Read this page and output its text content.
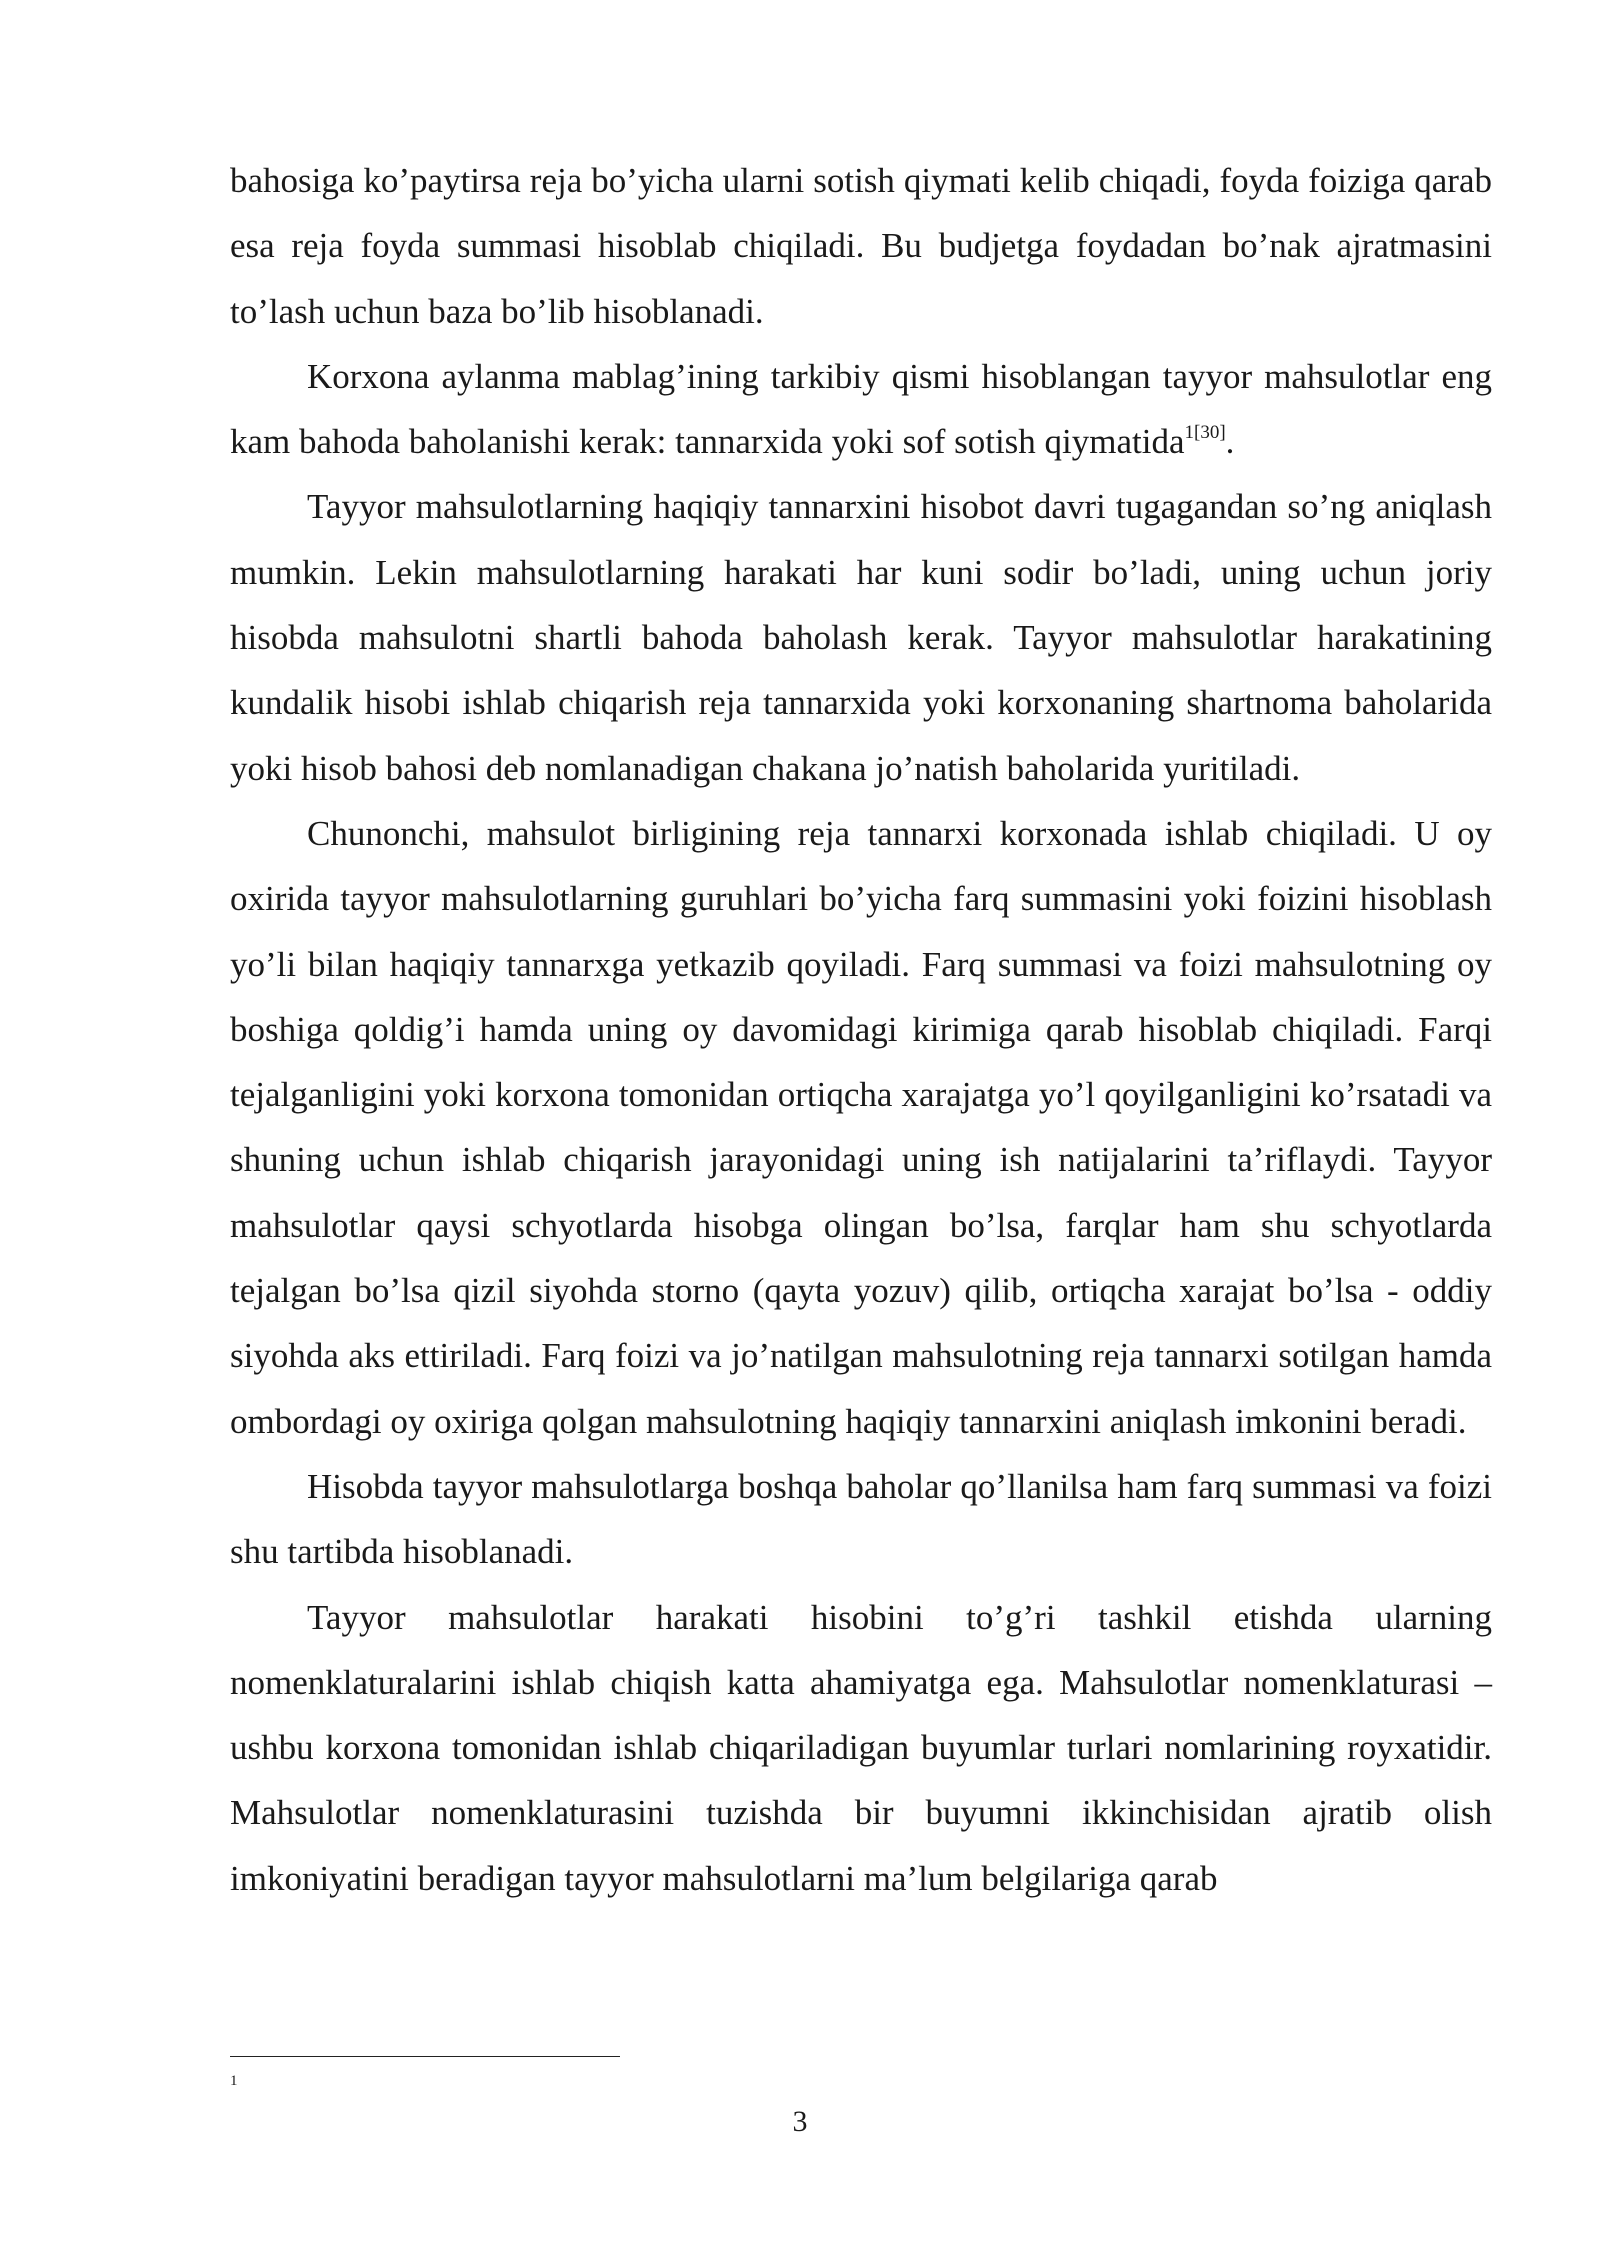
bahosiga ko’paytirsa reja bo’yicha ularni sotish qiymati kelib chiqadi, foyda foiziga qarab esa reja foyda summasi hisoblab chiqiladi. Bu budjetga foydadan bo’nak ajratmasini to’lash uchun baza bo’lib hisoblanadi.

Korxona aylanma mablag’ining tarkibiy qismi hisoblangan tayyor mahsulotlar eng kam bahoda baholanishi kerak: tannarxida yoki sof sotish qiymatida$^{1[30]}$.

Tayyor mahsulotlarning haqiqiy tannarxini hisobot davri tugagandan so’ng aniqlash mumkin. Lekin mahsulotlarning harakati har kuni sodir bo’ladi, uning uchun joriy hisobda mahsulotni shartli bahoda baholash kerak. Tayyor mahsulotlar harakatining kundalik hisobi ishlab chiqarish reja tannarxida yoki korxonaning shartnoma baholarida yoki hisob bahosi deb nomlanadigan chakana jo’natish baholarida yuritiladi.

Chunonchi, mahsulot birligining reja tannarxi korxonada ishlab chiqiladi. U oy oxirida tayyor mahsulotlarning guruhlari bo’yicha farq summasini yoki foizini hisoblash yo’li bilan haqiqiy tannarxga yetkazib qoyiladi. Farq summasi va foizi mahsulotning oy boshiga qoldig’i hamda uning oy davomidagi kirimiga qarab hisoblab chiqiladi. Farqi tejalganligini yoki korxona tomonidan ortiqcha xarajatga yo’l qoyilganligini ko’rsatadi va shuning uchun ishlab chiqarish jarayonidagi uning ish natijalarini ta’riflaydi. Tayyor mahsulotlar qaysi schyotlarda hisobga olingan bo’lsa, farqlar ham shu schyotlarda tejalgan bo’lsa qizil siyohda storno (qayta yozuv) qilib, ortiqcha xarajat bo’lsa - oddiy siyohda aks ettiriladi. Farq foizi va jo’natilgan mahsulotning reja tannarxi sotilgan hamda ombordagi oy oxiriga qolgan mahsulotning haqiqiy tannarxini aniqlash imkonini beradi.

Hisobda tayyor mahsulotlarga boshqa baholar qo’llanilsa ham farq summasi va foizi shu tartibda hisoblanadi.

Tayyor mahsulotlar harakati hisobini to’g’ri tashkil etishda ularning nomenklaturalarini ishlab chiqish katta ahamiyatga ega. Mahsulotlar nomenklaturasi – ushbu korxona tomonidan ishlab chiqariladigan buyumlar turlari nomlarining royxatidir. Mahsulotlar nomenklaturasini tuzishda bir buyumni ikkinchisidan ajratib olish imkoniyatini beradigan tayyor mahsulotlarni ma’lum belgilariga qarab

1
3
